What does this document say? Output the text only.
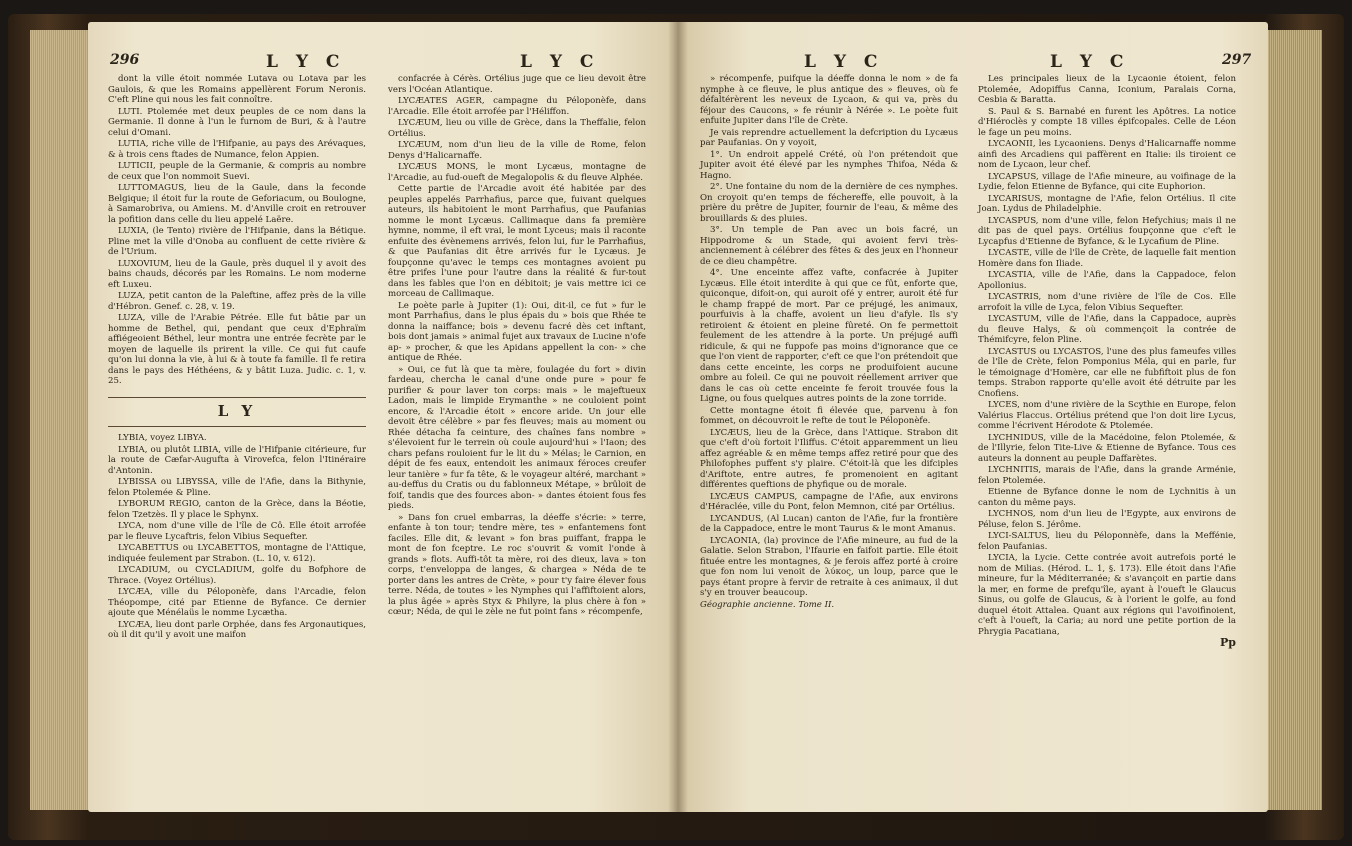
296	L Y C	L Y C

dont la ville étoit nommée Lutava ou Lotava par les Gaulois, & que les Romains appellèrent Forum Neronis. C'eft Pline qui nous les fait connoître.

LUTI. Ptolemée met deux peuples de ce nom dans la Germanie. Il donne à l'un le furnom de Buri, & à l'autre celui d'Omani.

LUTIA, riche ville de l'Hifpanie, au pays des Arévaques, & à trois cens ftades de Numance, felon Appien.

LUTICII, peuple de la Germanie, & compris au nombre de ceux que l'on nommoit Suevi.

LUTTOMAGUS, lieu de la Gaule, dans la feconde Belgique; il étoit fur la route de Geforiacum, ou Boulogne, à Samarobriva, ou Amiens. M. d'Anville croit en retrouver la pofition dans celle du lieu appelé Laëre.

LUXIA, (le Tento) rivière de l'Hifpanie, dans la Bétique. Pline met la ville d'Onoba au confluent de cette rivière & de l'Urium.

LUXOVIUM, lieu de la Gaule, près duquel il y avoit des bains chauds, décorés par les Romains. Le nom moderne eft Luxeu.

LUZA, petit canton de la Paleftine, affez près de la ville d'Hébron. Genef. c. 28, v. 19.

LUZA, ville de l'Arabie Pétrée. Elle fut bâtie par un homme de Bethel, qui, pendant que ceux d'Ephraïm affiégeoient Béthel, leur montra une entrée fecrète par le moyen de laquelle ils prirent la ville. Ce qui fut caufe qu'on lui donna la vie, à lui & à toute fa famille. Il fe retira dans le pays des Héthéens, & y bâtit Luza. Judic. c. 1, v. 25.

L Y

LYBIA, voyez LIBYA.

LYBIA, ou plutôt LIBIA, ville de l'Hifpanie citérieure, fur la route de Cæfar-Augufta à Virovefca, felon l'Itinéraire d'Antonin.

LYBISSA ou LIBYSSA, ville de l'Afie, dans la Bithynie, felon Ptolemée & Pline.

LYBORUM REGIO, canton de la Grèce, dans la Béotie, felon Tzetzès. Il y place le Sphynx.

LYCA, nom d'une ville de l'île de Cô. Elle étoit arrofée par le fleuve Lycaftris, felon Vibius Sequefter.

LYCABETTUS ou LYCABETTOS, montagne de l'Attique, indiquée feulement par Strabon. (L. 10, v. 612).

LYCADIUM, ou CYCLADIUM, golfe du Bofphore de Thrace. (Voyez Ortélius).

LYCÆA, ville du Péloponèfe, dans l'Arcadie, felon Théopompe, cité par Etienne de Byfance. Ce dernier ajoute que Ménélaüs le nomme Lycætha.

LYCÆA, lieu dont parle Orphée, dans fes Argonautiques, où il dit qu'il y avoit une maifon

confacrée à Cérès. Ortélius juge que ce lieu devoit être vers l'Océan Atlantique.

LYCÆATES AGER, campagne du Péloponèfe, dans l'Arcadie. Elle étoit arrofée par l'Héliffon.

LYCÆUM, lieu ou ville de Grèce, dans la Theffalie, felon Ortélius.

LYCÆUM, nom d'un lieu de la ville de Rome, felon Denys d'Halicarnaffe.

LYCÆUS MONS, le mont Lycæus, montagne de l'Arcadie, au fud-oueft de Megalopolis & du fleuve Alphée.

Cette partie de l'Arcadie avoit été habitée par des peuples appelés Parrhafius, parce que, fuivant quelques auteurs, ils habitoient le mont Parrhafius, que Paufanias nomme le mont Lycæus. Callimaque dans fa première hymne, nomme, il eft vrai, le mont Lyceus; mais il raconte enfuite des évènemens arrivés, felon lui, fur le Parrhafius, & que Paufanias dit être arrivés fur le Lycæus. Je foupçonne qu'avec le temps ces montagnes avoient pu être prifes l'une pour l'autre dans la réalité & fur-tout dans les fables que l'on en débitoit; je vais mettre ici ce morceau de Callimaque.

Le poète parle à Jupiter (1): Oui, dit-il, ce fut » fur le mont Parrhafius, dans le plus épais du » bois que Rhée te donna la naiffance; bois » devenu facré dès cet inftant, bois dont jamais » animal fujet aux travaux de Lucine n'ofe ap- » procher, & que les Apidans appellent la con- » che antique de Rhée.

» Oui, ce fut là que ta mère, foulagée du fort » divin fardeau, chercha le canal d'une onde pure » pour fe purifier & pour laver ton corps: mais » le majeftueux Ladon, mais le limpide Erymanthe » ne couloient point encore, & l'Arcadie étoit » encore aride. Un jour elle devoit être célèbre » par fes fleuves; mais au moment ou Rhée détacha fa ceinture, des chaînes fans nombre » s'élevoient fur le terrein où coule aujourd'hui » l'Iaon; des chars pefans rouloient fur le lit du » Mélas; le Carnion, en dépit de fes eaux, entendoit les animaux féroces creufer leur tanière » fur fa tête, & le voyageur altéré, marchant » au-deffus du Cratis ou du fablonneux Métape, » brûloit de foif, tandis que des fources abon- » dantes étoient fous fes pieds.

» Dans fon cruel embarras, la déeffe s'écrie: » terre, enfante à ton tour; tendre mère, tes » enfantemens font faciles. Elle dit, & levant » fon bras puiffant, frappa le mont de fon fceptre. Le roc s'ouvrit & vomit l'onde à grands » flots. Auffi-tôt ta mère, roi des dieux, lava » ton corps, t'enveloppa de langes, & chargea » Néda de te porter dans les antres de Crète, » pour t'y faire élever fous terre. Néda, de toutes » les Nymphes qui l'affiftoient alors, la plus âgée » après Styx & Philyre, la plus chère à fon » cœur; Néda, de qui le zèle ne fut point fans » récompenfe,

L Y C	L Y C	297

» récompenfe, puifque la déeffe donna le nom » de fa nymphe à ce fleuve, le plus antique des » fleuves, où fe défaltérèrent les neveux de Lycaon, & qui va, près du féjour des Caucons, » fe réunir à Nérée ». Le poète fuit enfuite Jupiter dans l'île de Crète.

Je vais reprendre actuellement la defcription du Lycæus par Paufanias. On y voyoit,

1°. Un endroit appelé Crété, où l'on prétendoit que Jupiter avoit été élevé par les nymphes Thifoa, Néda & Hagno.

2°. Une fontaine du nom de la dernière de ces nymphes. On croyoit qu'en temps de féchereffe, elle pouvoit, à la prière du prêtre de Jupiter, fournir de l'eau, & même des brouillards & des pluies.

3°. Un temple de Pan avec un bois facré, un Hippodrome & un Stade, qui avoient fervi très-anciennement à célébrer des fêtes & des jeux en l'honneur de ce dieu champêtre.

4°. Une enceinte affez vafte, confacrée à Jupiter Lycæus. Elle étoit interdite à qui que ce fût, enforte que, quiconque, difoit-on, qui auroit ofé y entrer, auroit été fur le champ frappé de mort. Par ce préjugé, les animaux, pourfuivis à la chaffe, avoient un lieu d'afyle. Ils s'y retiroient & étoient en pleine fûreté. On fe permettoit feulement de les attendre à la porte. Un préjugé auffi ridicule, & qui ne fuppofe pas moins d'ignorance que ce que l'on vient de rapporter, c'eft ce que l'on prétendoit que dans cette enceinte, les corps ne produifoient aucune ombre au foleil. Ce qui ne pouvoit réellement arriver que dans le cas où cette enceinte fe feroit trouvée fous la Ligne, ou fous quelques autres points de la zone torride.

Cette montagne étoit fi élevée que, parvenu à fon fommet, on découvroit le refte de tout le Péloponèfe.

LYCÆUS, lieu de la Grèce, dans l'Attique. Strabon dit que c'eft d'où fortoit l'Iliffus. C'étoit apparemment un lieu affez agréable & en même temps affez retiré pour que des Philofophes puffent s'y plaire. C'étoit-là que les difciples d'Ariftote, entre autres, fe promenoient en agitant différentes queftions de phyfique ou de morale.

LYCÆUS CAMPUS, campagne de l'Afie, aux environs d'Héraclée, ville du Pont, felon Memnon, cité par Ortélius.

LYCANDUS, (Al Lucan) canton de l'Afie, fur la frontière de la Cappadoce, entre le mont Taurus & le mont Amanus.

LYCAONIA, (la) province de l'Afie mineure, au fud de la Galatie. Selon Strabon, l'Ifaurie en faifoit partie. Elle étoit fituée entre les montagnes, & je ferois affez porté à croire que fon nom lui venoit de λύκος, un loup, parce que le pays étant propre à fervir de retraite à ces animaux, il dut s'y en trouver beaucoup.

Géographie ancienne. Tome II.

Les principales lieux de la Lycaonie étoient, felon Ptolemée, Adopiffus Canna, Iconium, Paralais Corna, Cesbia & Baratta.

S. Paul & S. Barnabé en furent les Apôtres. La notice d'Hiéroclès y compte 18 villes épifcopales. Celle de Léon le fage un peu moins.

LYCAONII, les Lycaoniens. Denys d'Halicarnaffe nomme ainfi des Arcadiens qui paffèrent en Italie: ils tiroient ce nom de Lycaon, leur chef.

LYCAPSUS, village de l'Afie mineure, au voifinage de la Lydie, felon Etienne de Byfance, qui cite Euphorion.

LYCARISUS, montagne de l'Afie, felon Ortélius. Il cite Joan. Lydus de Philadelphie.

LYCASPUS, nom d'une ville, felon Hefychius; mais il ne dit pas de quel pays. Ortélius foupçonne que c'eft le Lycapfus d'Etienne de Byfance, & le Lycafium de Pline.

LYCASTE, ville de l'île de Crète, de laquelle fait mention Homère dans fon Iliade.

LYCASTIA, ville de l'Afie, dans la Cappadoce, felon Apollonius.

LYCASTRIS, nom d'une rivière de l'île de Cos. Elle arrofoit la ville de Lyca, felon Vibius Sequefter.

LYCASTUM, ville de l'Afie, dans la Cappadoce, auprès du fleuve Halys, & où commençoit la contrée de Thémifcyre, felon Pline.

LYCASTUS ou LYCASTOS, l'une des plus fameufes villes de l'île de Crète, felon Pomponius Méla, qui en parle, fur le témoignage d'Homère, car elle ne fubfiftoit plus de fon temps. Strabon rapporte qu'elle avoit été détruite par les Cnofiens.

LYCES, nom d'une rivière de la Scythie en Europe, felon Valérius Flaccus. Ortélius prétend que l'on doit lire Lycus, comme l'écrivent Hérodote & Ptolemée.

LYCHNIDUS, ville de la Macédoine, felon Ptolemée, & de l'Illyrie, felon Tite-Live & Etienne de Byfance. Tous ces auteurs la donnent au peuple Daffarètes.

LYCHNITIS, marais de l'Afie, dans la grande Arménie, felon Ptolemée.

Etienne de Byfance donne le nom de Lychnitis à un canton du même pays.

LYCHNOS, nom d'un lieu de l'Egypte, aux environs de Péluse, felon S. Jérôme.

LYCI-SALTUS, lieu du Péloponnèfe, dans la Meffénie, felon Paufanias.

LYCIA, la Lycie. Cette contrée avoit autrefois porté le nom de Milias. (Hérod. L. 1, §. 173). Elle étoit dans l'Afie mineure, fur la Méditerranée; & s'avançoit en partie dans la mer, en forme de prefqu'île, ayant à l'oueft le Glaucus Sinus, ou golfe de Glaucus, & à l'orient le golfe, au fond duquel étoit Attalea. Quant aux régions qui l'avoifinoient, c'eft à l'oueft, la Caria; au nord une petite portion de la Phrygia Pacatiana,

Pp
